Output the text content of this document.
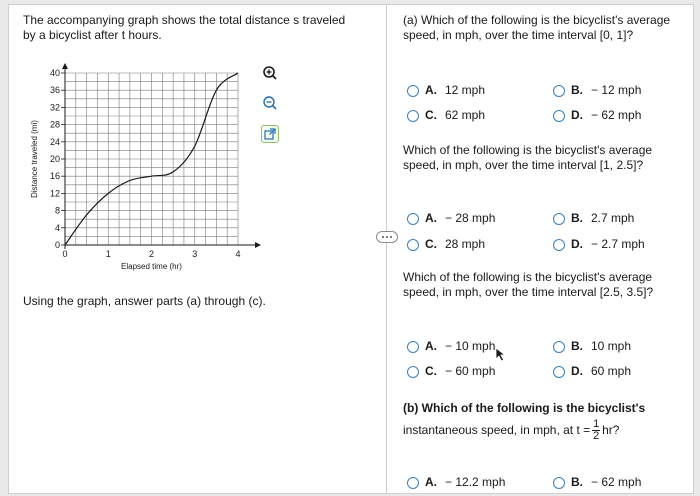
The accompanying graph shows the total distance s traveled by a bicyclist after t hours.
0
4
8
12
16
20
24
28
32
36
40
0	1	2	3	4
Elapsed time (hr)
Distance traveled (mi)
Using the graph, answer parts (a) through (c).
(a) Which of the following is the bicyclist's average speed, in mph, over the time interval [0, 1]?
A. 12 mph	B. − 12 mph
C. 62 mph	D. − 62 mph
Which of the following is the bicyclist's average speed, in mph, over the time interval [1, 2.5]?
A. − 28 mph	B. 2.7 mph
C. 28 mph	D. − 2.7 mph
Which of the following is the bicyclist's average speed, in mph, over the time interval [2.5, 3.5]?
A. − 10 mph	B. 10 mph
C. − 60 mph	D. 60 mph
(b) Which of the following is the bicyclist's
instantaneous speed, in mph, at $t = \frac{1}{2}$ hr?
A. − 12.2 mph	B. − 62 mph
